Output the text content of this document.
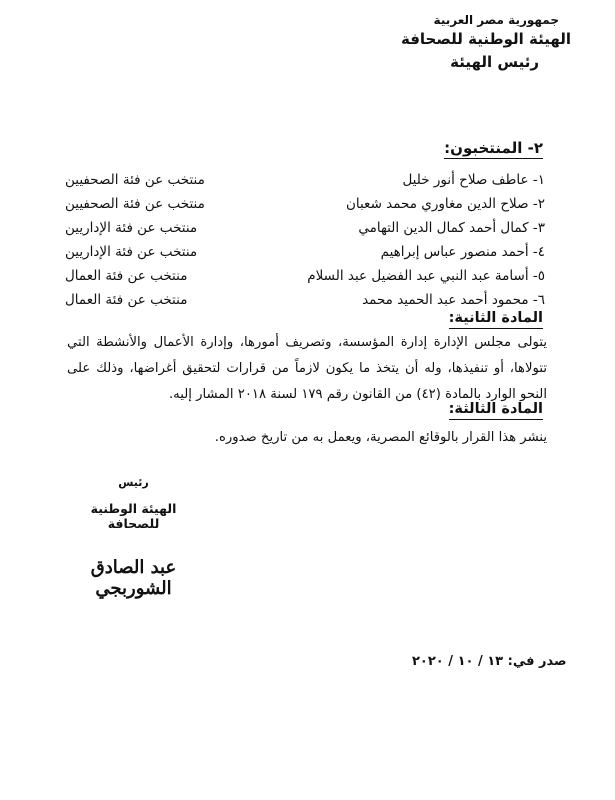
جمهورية مصر العربية
الهيئة الوطنية للصحافة
رئيس الهيئة
٢- المنتخبون:
١- عاطف صلاح أنور خليل
منتخب عن فئة الصحفيين
٢- صلاح الدين مغاوري محمد شعبان
منتخب عن فئة الصحفيين
٣- كمال أحمد كمال الدين التهامي
منتخب عن فئة الإداريين
٤- أحمد منصور عباس إبراهيم
منتخب عن فئة الإداريين
٥- أسامة عبد النبي عبد الفضيل عبد السلام
منتخب عن فئة العمال
٦- محمود أحمد عبد الحميد محمد
منتخب عن فئة العمال
المادة الثانية:
يتولى مجلس الإدارة إدارة المؤسسة، وتصريف أمورها، وإدارة الأعمال والأنشطة التي تتولاها، أو تنفيذها، وله أن يتخذ ما يكون لازماً من قرارات لتحقيق أغراضها، وذلك على النحو الوارد بالمادة (٤٢) من القانون رقم ١٧٩ لسنة ٢٠١٨ المشار إليه.
المادة الثالثة:
ينشر هذا القرار بالوقائع المصرية، ويعمل به من تاريخ صدوره.
رئيس
الهيئة الوطنية للصحافة
عبد الصادق الشوربجي
صدر في: ١٣ / ١٠ / ٢٠٢٠
